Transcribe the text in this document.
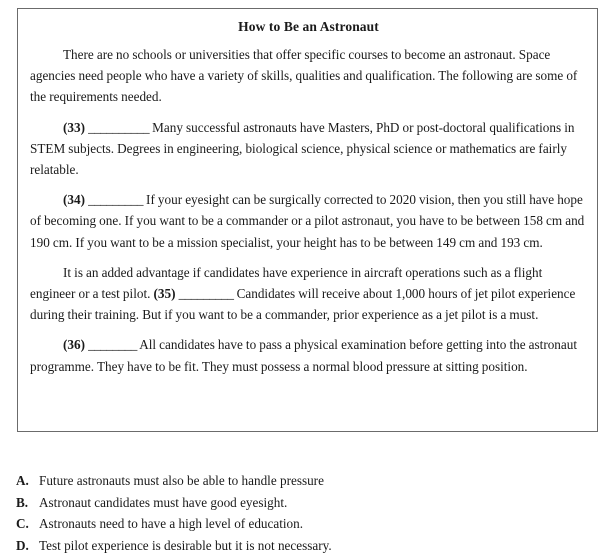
How to Be an Astronaut

There are no schools or universities that offer specific courses to become an astronaut. Space agencies need people who have a variety of skills, qualities and qualification. The following are some of the requirements needed.

(33) __________ Many successful astronauts have Masters, PhD or post-doctoral qualifications in STEM subjects. Degrees in engineering, biological science, physical science or mathematics are fairly relatable.

(34) _________ If your eyesight can be surgically corrected to 2020 vision, then you still have hope of becoming one. If you want to be a commander or a pilot astronaut, you have to be between 158 cm and 190 cm. If you want to be a mission specialist, your height has to be between 149 cm and 193 cm.

It is an added advantage if candidates have experience in aircraft operations such as a flight engineer or a test pilot. (35) _________ Candidates will receive about 1,000 hours of jet pilot experience during their training. But if you want to be a commander, prior experience as a jet pilot is a must.

(36) ________ All candidates have to pass a physical examination before getting into the astronaut programme. They have to be fit. They must possess a normal blood pressure at sitting position.

A. Future astronauts must also be able to handle pressure
B. Astronaut candidates must have good eyesight.
C. Astronauts need to have a high level of education.
D. Test pilot experience is desirable but it is not necessary.
